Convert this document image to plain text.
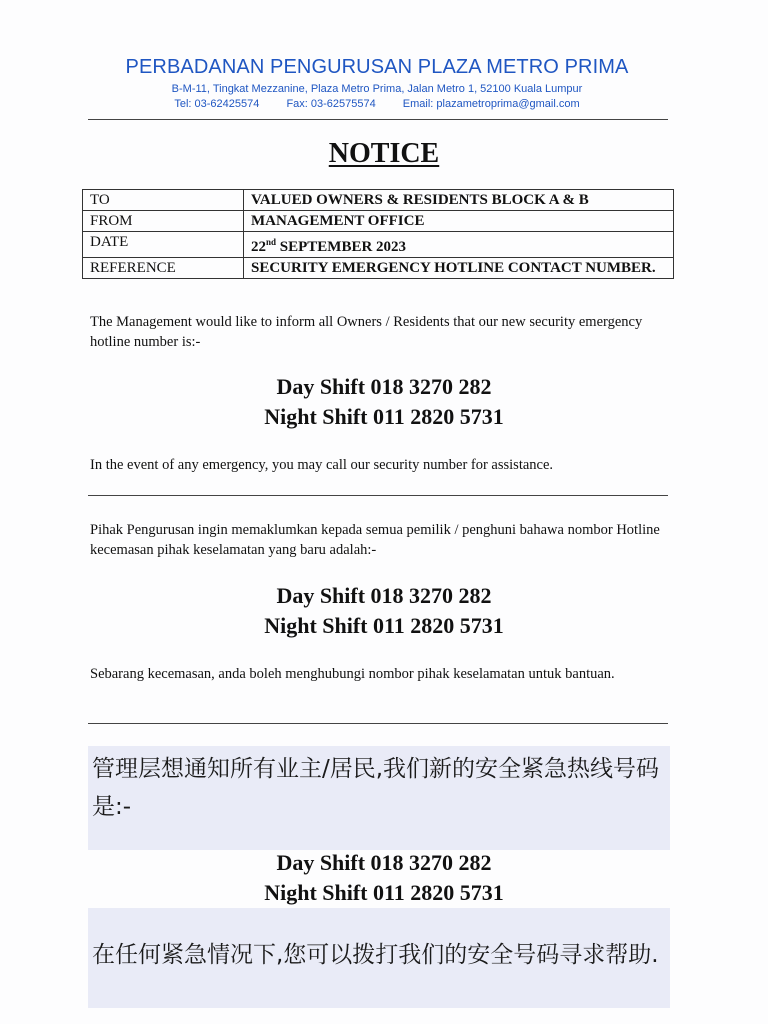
PERBADANAN PENGURUSAN PLAZA METRO PRIMA
B-M-11, Tingkat Mezzanine, Plaza Metro Prima, Jalan Metro 1, 52100 Kuala Lumpur
Tel: 03-62425574 Fax: 03-62575574 Email: plazametroprima@gmail.com
NOTICE
TO	VALUED OWNERS & RESIDENTS BLOCK A & B
FROM	MANAGEMENT OFFICE
DATE	22nd SEPTEMBER 2023
REFERENCE	SECURITY EMERGENCY HOTLINE CONTACT NUMBER.
The Management would like to inform all Owners / Residents that our new security emergency hotline number is:-
Day Shift 018 3270 282
Night Shift 011 2820 5731
In the event of any emergency, you may call our security number for assistance.
Pihak Pengurusan ingin memaklumkan kepada semua pemilik / penghuni bahawa nombor Hotline kecemasan pihak keselamatan yang baru adalah:-
Day Shift 018 3270 282
Night Shift 011 2820 5731
Sebarang kecemasan, anda boleh menghubungi nombor pihak keselamatan untuk bantuan.
管理层想通知所有业主/居民,我们新的安全紧急热线号码是:-
Day Shift 018 3270 282
Night Shift 011 2820 5731
在任何紧急情况下,您可以拨打我们的安全号码寻求帮助.
